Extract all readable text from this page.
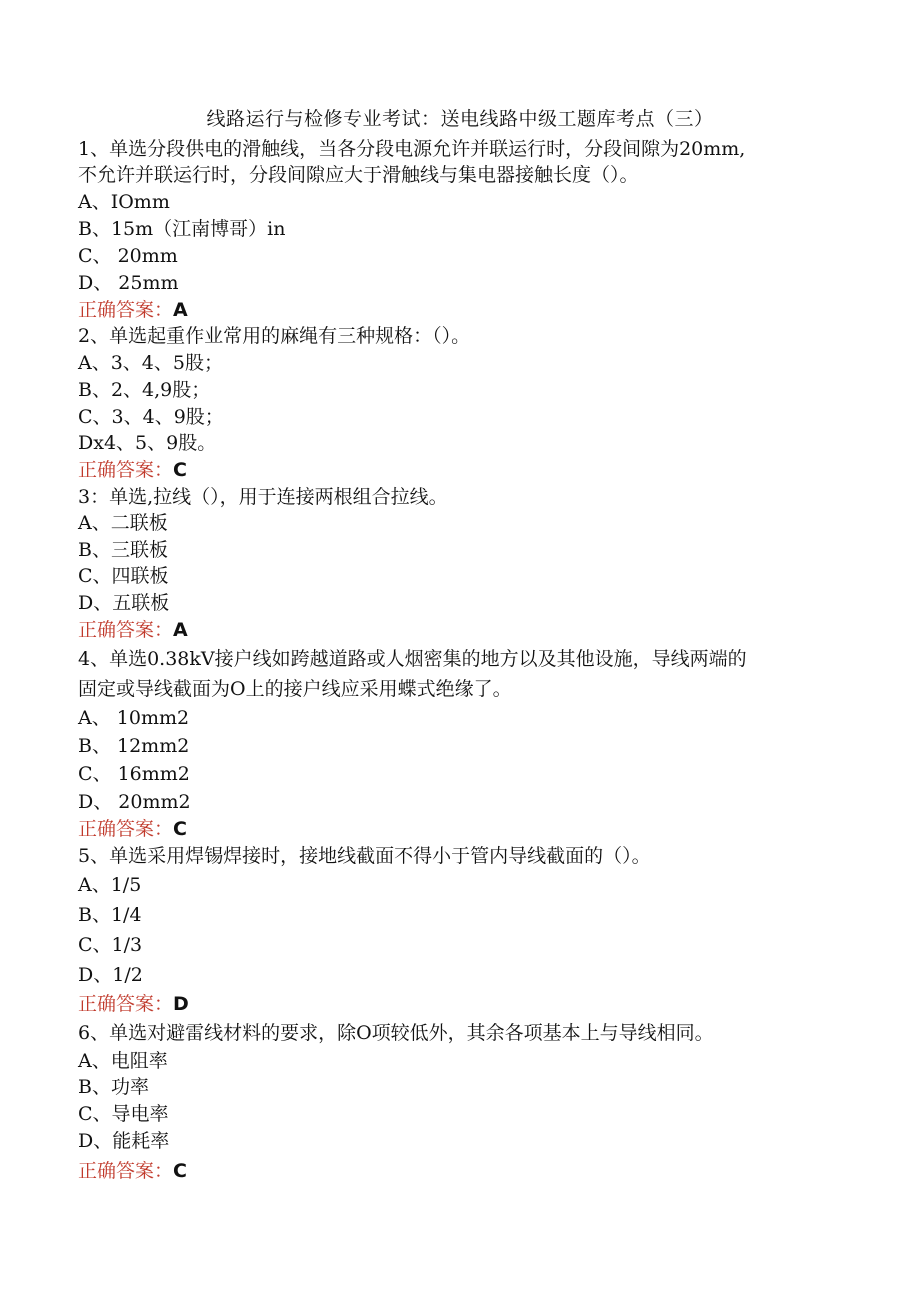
线路运行与检修专业考试：送电线路中级工题库考点（三）
1、单选分段供电的滑触线，当各分段电源允许并联运行时，分段间隙为20mm,
不允许并联运行时，分段间隙应大于滑触线与集电器接触长度（）。
A、IOmm
B、15m（江南博哥）in
C、 20mm
D、 25mm
正确答案：A
2、单选起重作业常用的麻绳有三种规格：（）。
A、3、4、5股；
B、2、4,9股；
C、3、4、9股；
Dx4、5、9股。
正确答案：C
3：单选,拉线（），用于连接两根组合拉线。
A、二联板
B、三联板
C、四联板
D、五联板
正确答案：A
4、单选0.38kV接户线如跨越道路或人烟密集的地方以及其他设施，导线两端的
固定或导线截面为O上的接户线应采用蝶式绝缘了。
A、 10mm2
B、 12mm2
C、 16mm2
D、 20mm2
正确答案：C
5、单选采用焊锡焊接时，接地线截面不得小于管内导线截面的（）。
A、1/5
B、1/4
C、1/3
D、1/2
正确答案：D
6、单选对避雷线材料的要求，除O项较低外，其余各项基本上与导线相同。
A、电阻率
B、功率
C、导电率
D、能耗率
正确答案：C
